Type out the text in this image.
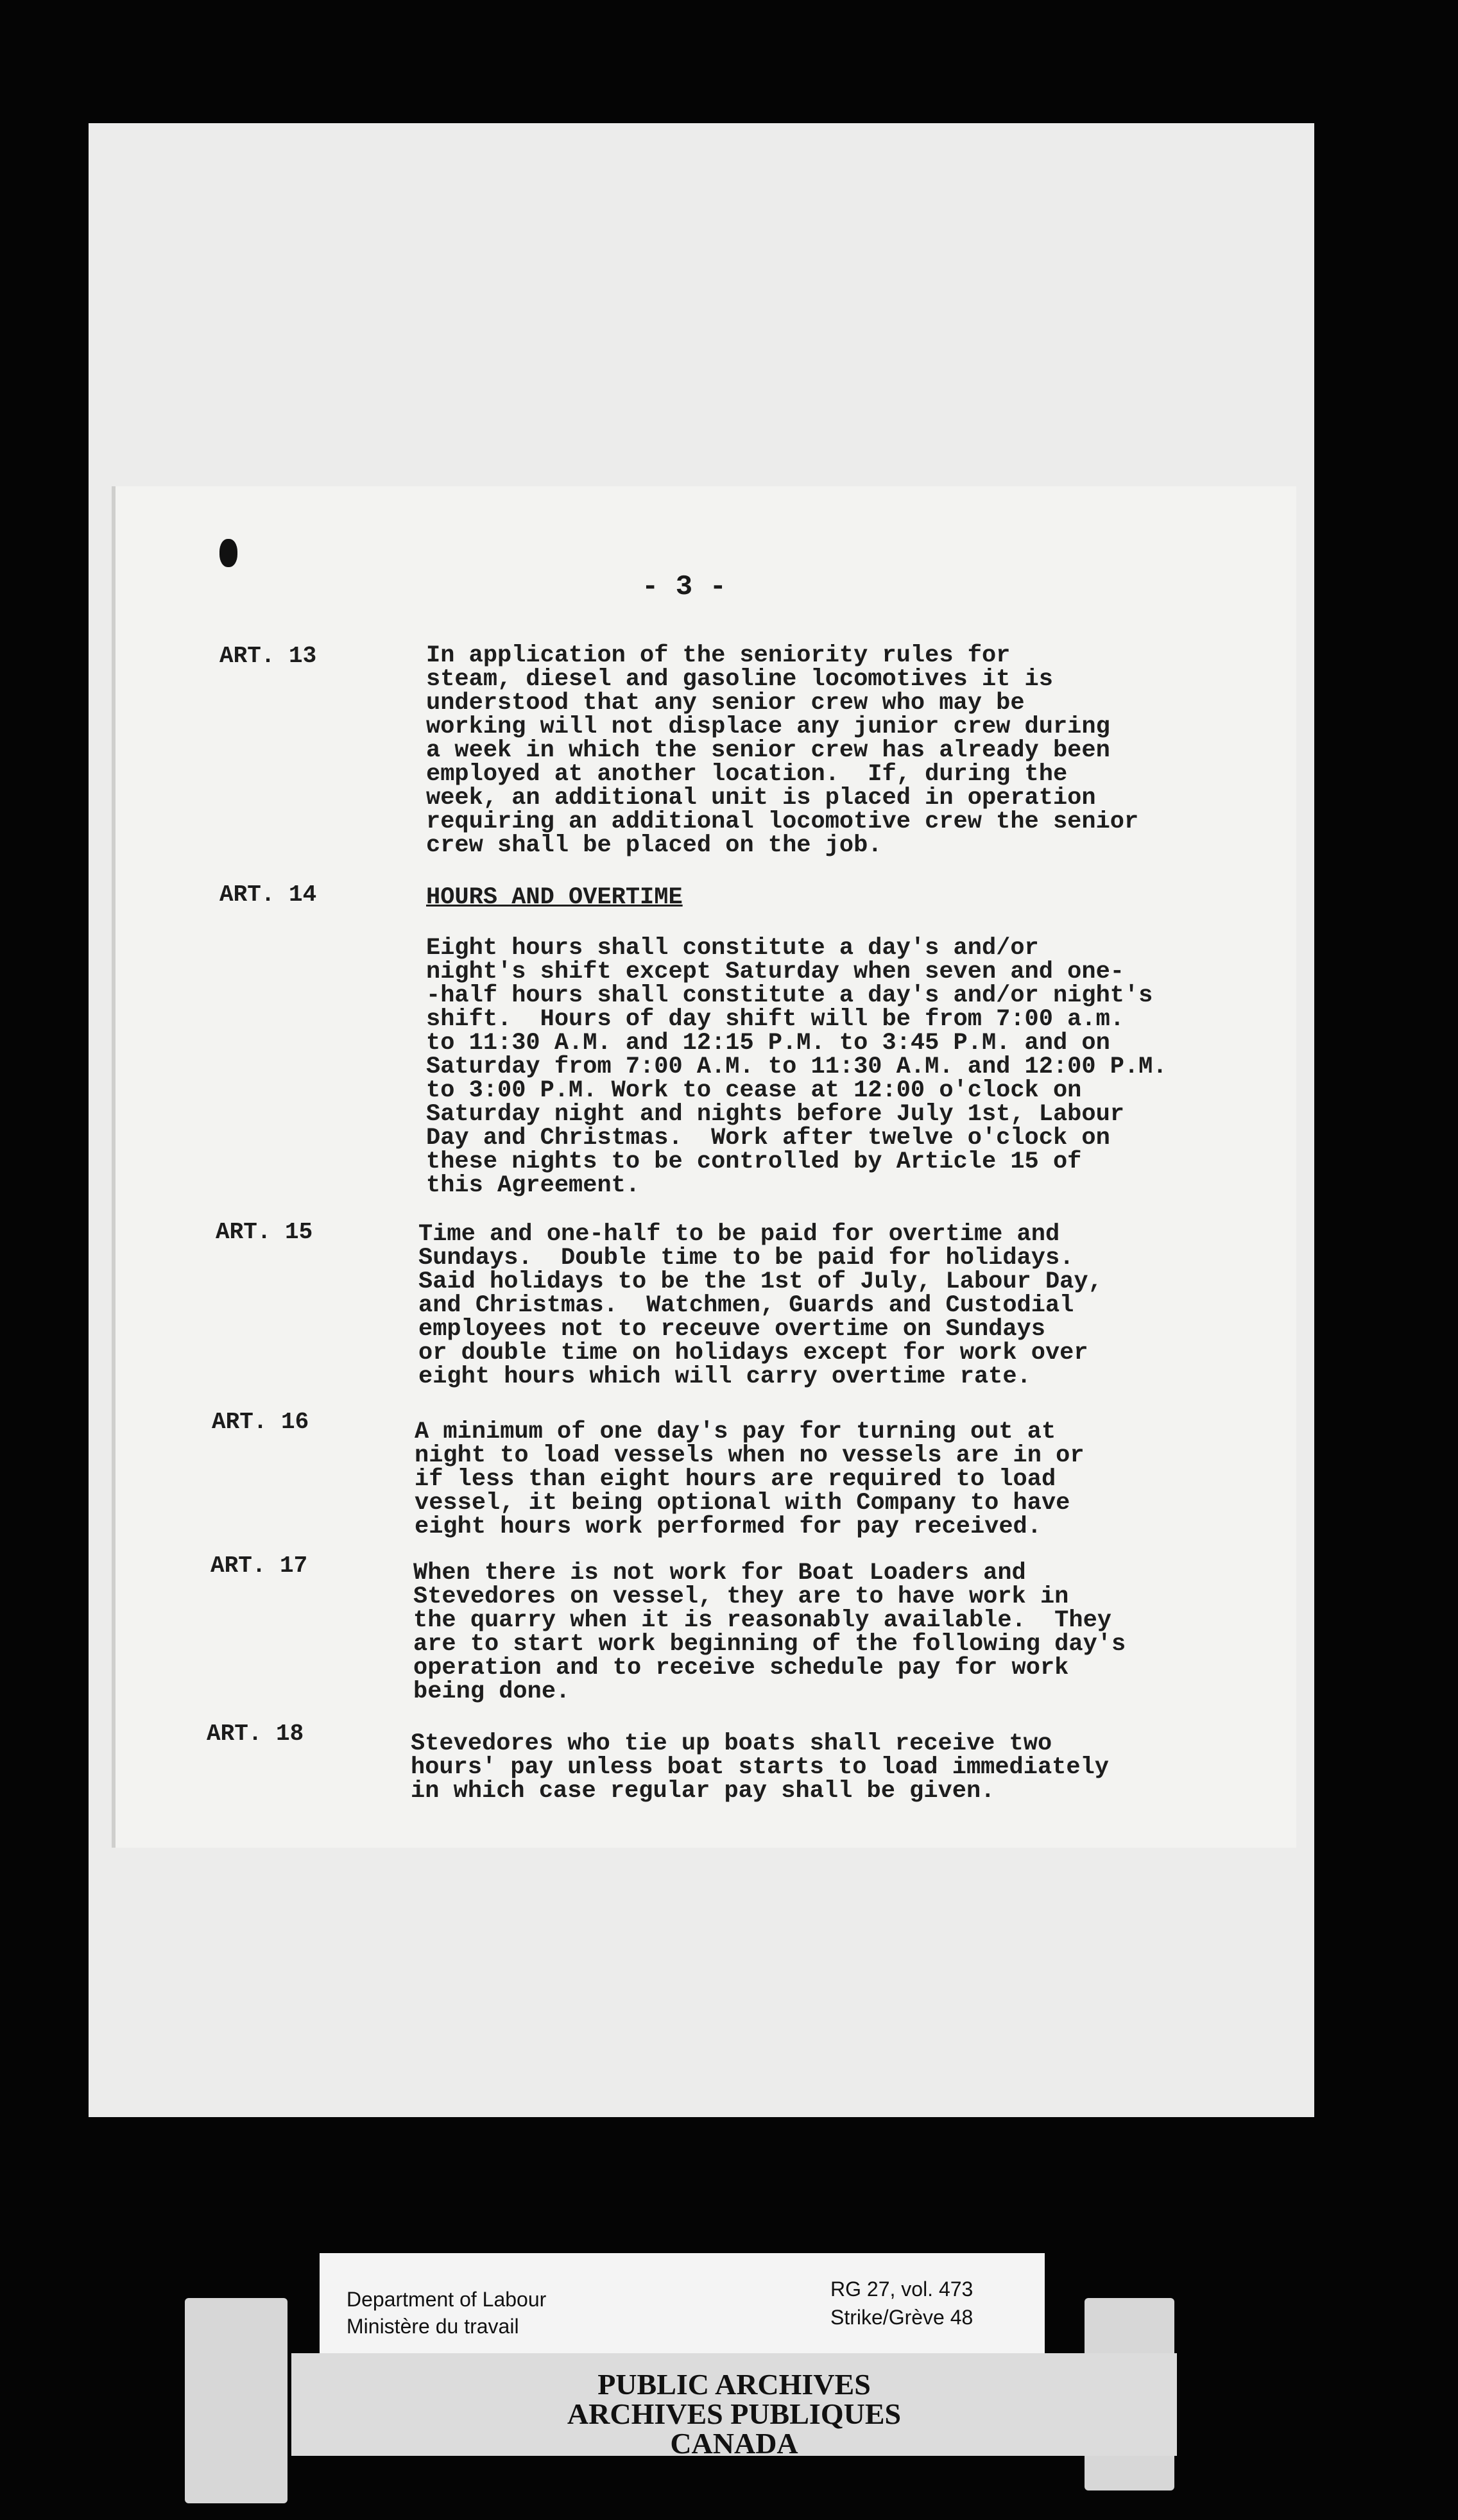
- 3 -
ART. 13	In application of the seniority rules for
steam, diesel and gasoline locomotives it is
understood that any senior crew who may be
working will not displace any junior crew during
a week in which the senior crew has already been
employed at another location.  If, during the
week, an additional unit is placed in operation
requiring an additional locomotive crew the senior
crew shall be placed on the job.
ART. 14	HOURS AND OVERTIME
Eight hours shall constitute a day's and/or
night's shift except Saturday when seven and one-
-half hours shall constitute a day's and/or night's
shift.  Hours of day shift will be from 7:00 a.m.
to 11:30 A.M. and 12:15 P.M. to 3:45 P.M. and on
Saturday from 7:00 A.M. to 11:30 A.M. and 12:00 P.M.
to 3:00 P.M. Work to cease at 12:00 o'clock on
Saturday night and nights before July 1st, Labour
Day and Christmas.  Work after twelve o'clock on
these nights to be controlled by Article 15 of
this Agreement.
ART. 15	Time and one-half to be paid for overtime and
Sundays.  Double time to be paid for holidays.
Said holidays to be the 1st of July, Labour Day,
and Christmas.  Watchmen, Guards and Custodial
employees not to receuve overtime on Sundays
or double time on holidays except for work over
eight hours which will carry overtime rate.
ART. 16	A minimum of one day's pay for turning out at
night to load vessels when no vessels are in or
if less than eight hours are required to load
vessel, it being optional with Company to have
eight hours work performed for pay received.
ART. 17	When there is not work for Boat Loaders and
Stevedores on vessel, they are to have work in
the quarry when it is reasonably available.  They
are to start work beginning of the following day's
operation and to receive schedule pay for work
being done.
ART. 18	Stevedores who tie up boats shall receive two
hours' pay unless boat starts to load immediately
in which case regular pay shall be given.
Department of Labour
Ministère du travail
RG 27, vol. 473
Strike/Grève 48
PUBLIC ARCHIVES
ARCHIVES PUBLIQUES
CANADA
